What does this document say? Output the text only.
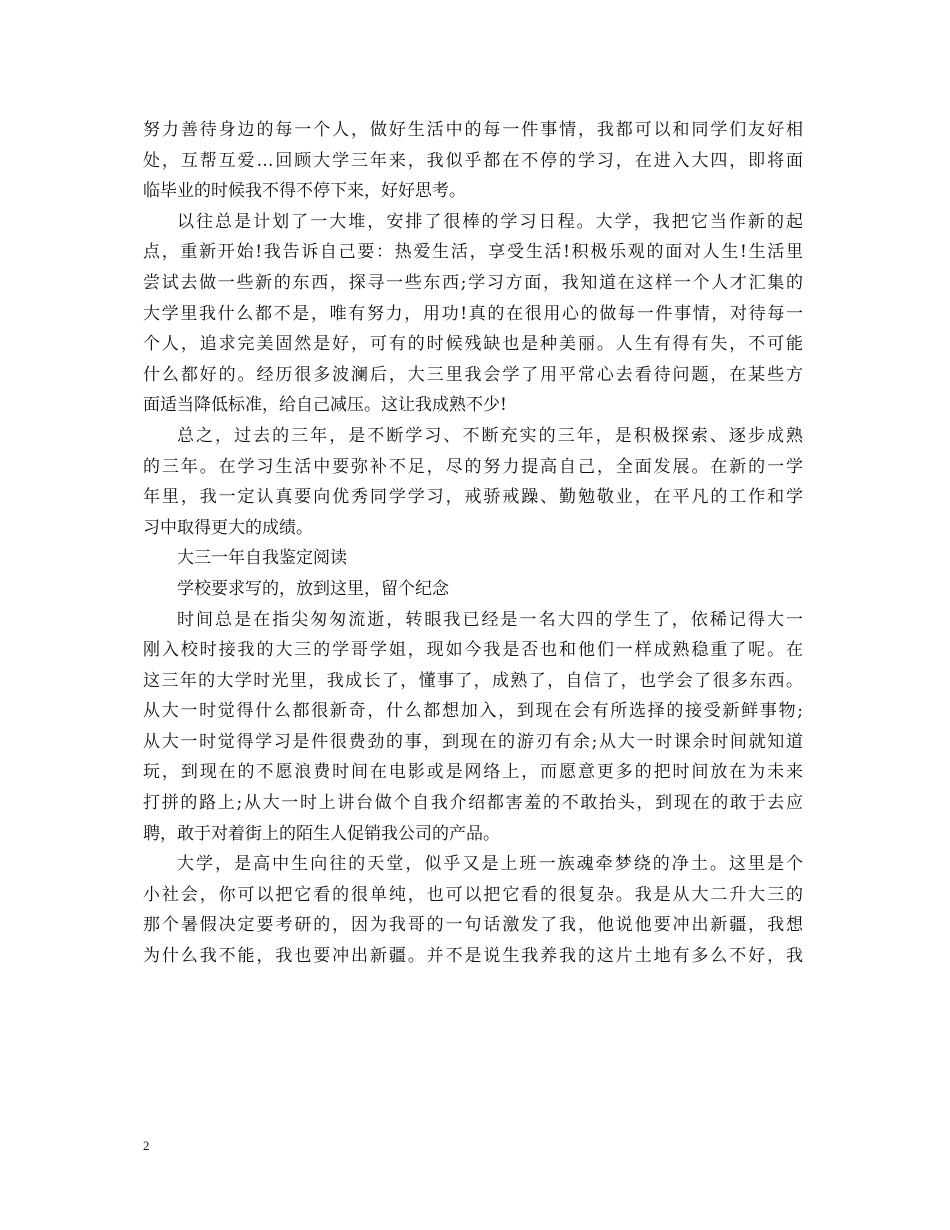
努力善待身边的每一个人，做好生活中的每一件事情，我都可以和同学们友好相
处，互帮互爱…回顾大学三年来，我似乎都在不停的学习，在进入大四，即将面
临毕业的时候我不得不停下来，好好思考。
以往总是计划了一大堆，安排了很棒的学习日程。大学，我把它当作新的起
点，重新开始!我告诉自己要：热爱生活，享受生活!积极乐观的面对人生!生活里
尝试去做一些新的东西，探寻一些东西;学习方面，我知道在这样一个人才汇集的
大学里我什么都不是，唯有努力，用功!真的在很用心的做每一件事情，对待每一
个人，追求完美固然是好，可有的时候残缺也是种美丽。人生有得有失，不可能
什么都好的。经历很多波澜后，大三里我会学了用平常心去看待问题，在某些方
面适当降低标准，给自己减压。这让我成熟不少!
总之，过去的三年，是不断学习、不断充实的三年，是积极探索、逐步成熟
的三年。在学习生活中要弥补不足，尽的努力提高自己，全面发展。在新的一学
年里，我一定认真要向优秀同学学习，戒骄戒躁、勤勉敬业，在平凡的工作和学
习中取得更大的成绩。
大三一年自我鉴定阅读
学校要求写的，放到这里，留个纪念
时间总是在指尖匆匆流逝，转眼我已经是一名大四的学生了，依稀记得大一
刚入校时接我的大三的学哥学姐，现如今我是否也和他们一样成熟稳重了呢。在
这三年的大学时光里，我成长了，懂事了，成熟了，自信了，也学会了很多东西。
从大一时觉得什么都很新奇，什么都想加入，到现在会有所选择的接受新鲜事物;
从大一时觉得学习是件很费劲的事，到现在的游刃有余;从大一时课余时间就知道
玩，到现在的不愿浪费时间在电影或是网络上，而愿意更多的把时间放在为未来
打拼的路上;从大一时上讲台做个自我介绍都害羞的不敢抬头，到现在的敢于去应
聘，敢于对着街上的陌生人促销我公司的产品。
大学，是高中生向往的天堂，似乎又是上班一族魂牵梦绕的净土。这里是个
小社会，你可以把它看的很单纯，也可以把它看的很复杂。我是从大二升大三的
那个暑假决定要考研的，因为我哥的一句话激发了我，他说他要冲出新疆，我想
为什么我不能，我也要冲出新疆。并不是说生我养我的这片土地有多么不好，我
2
